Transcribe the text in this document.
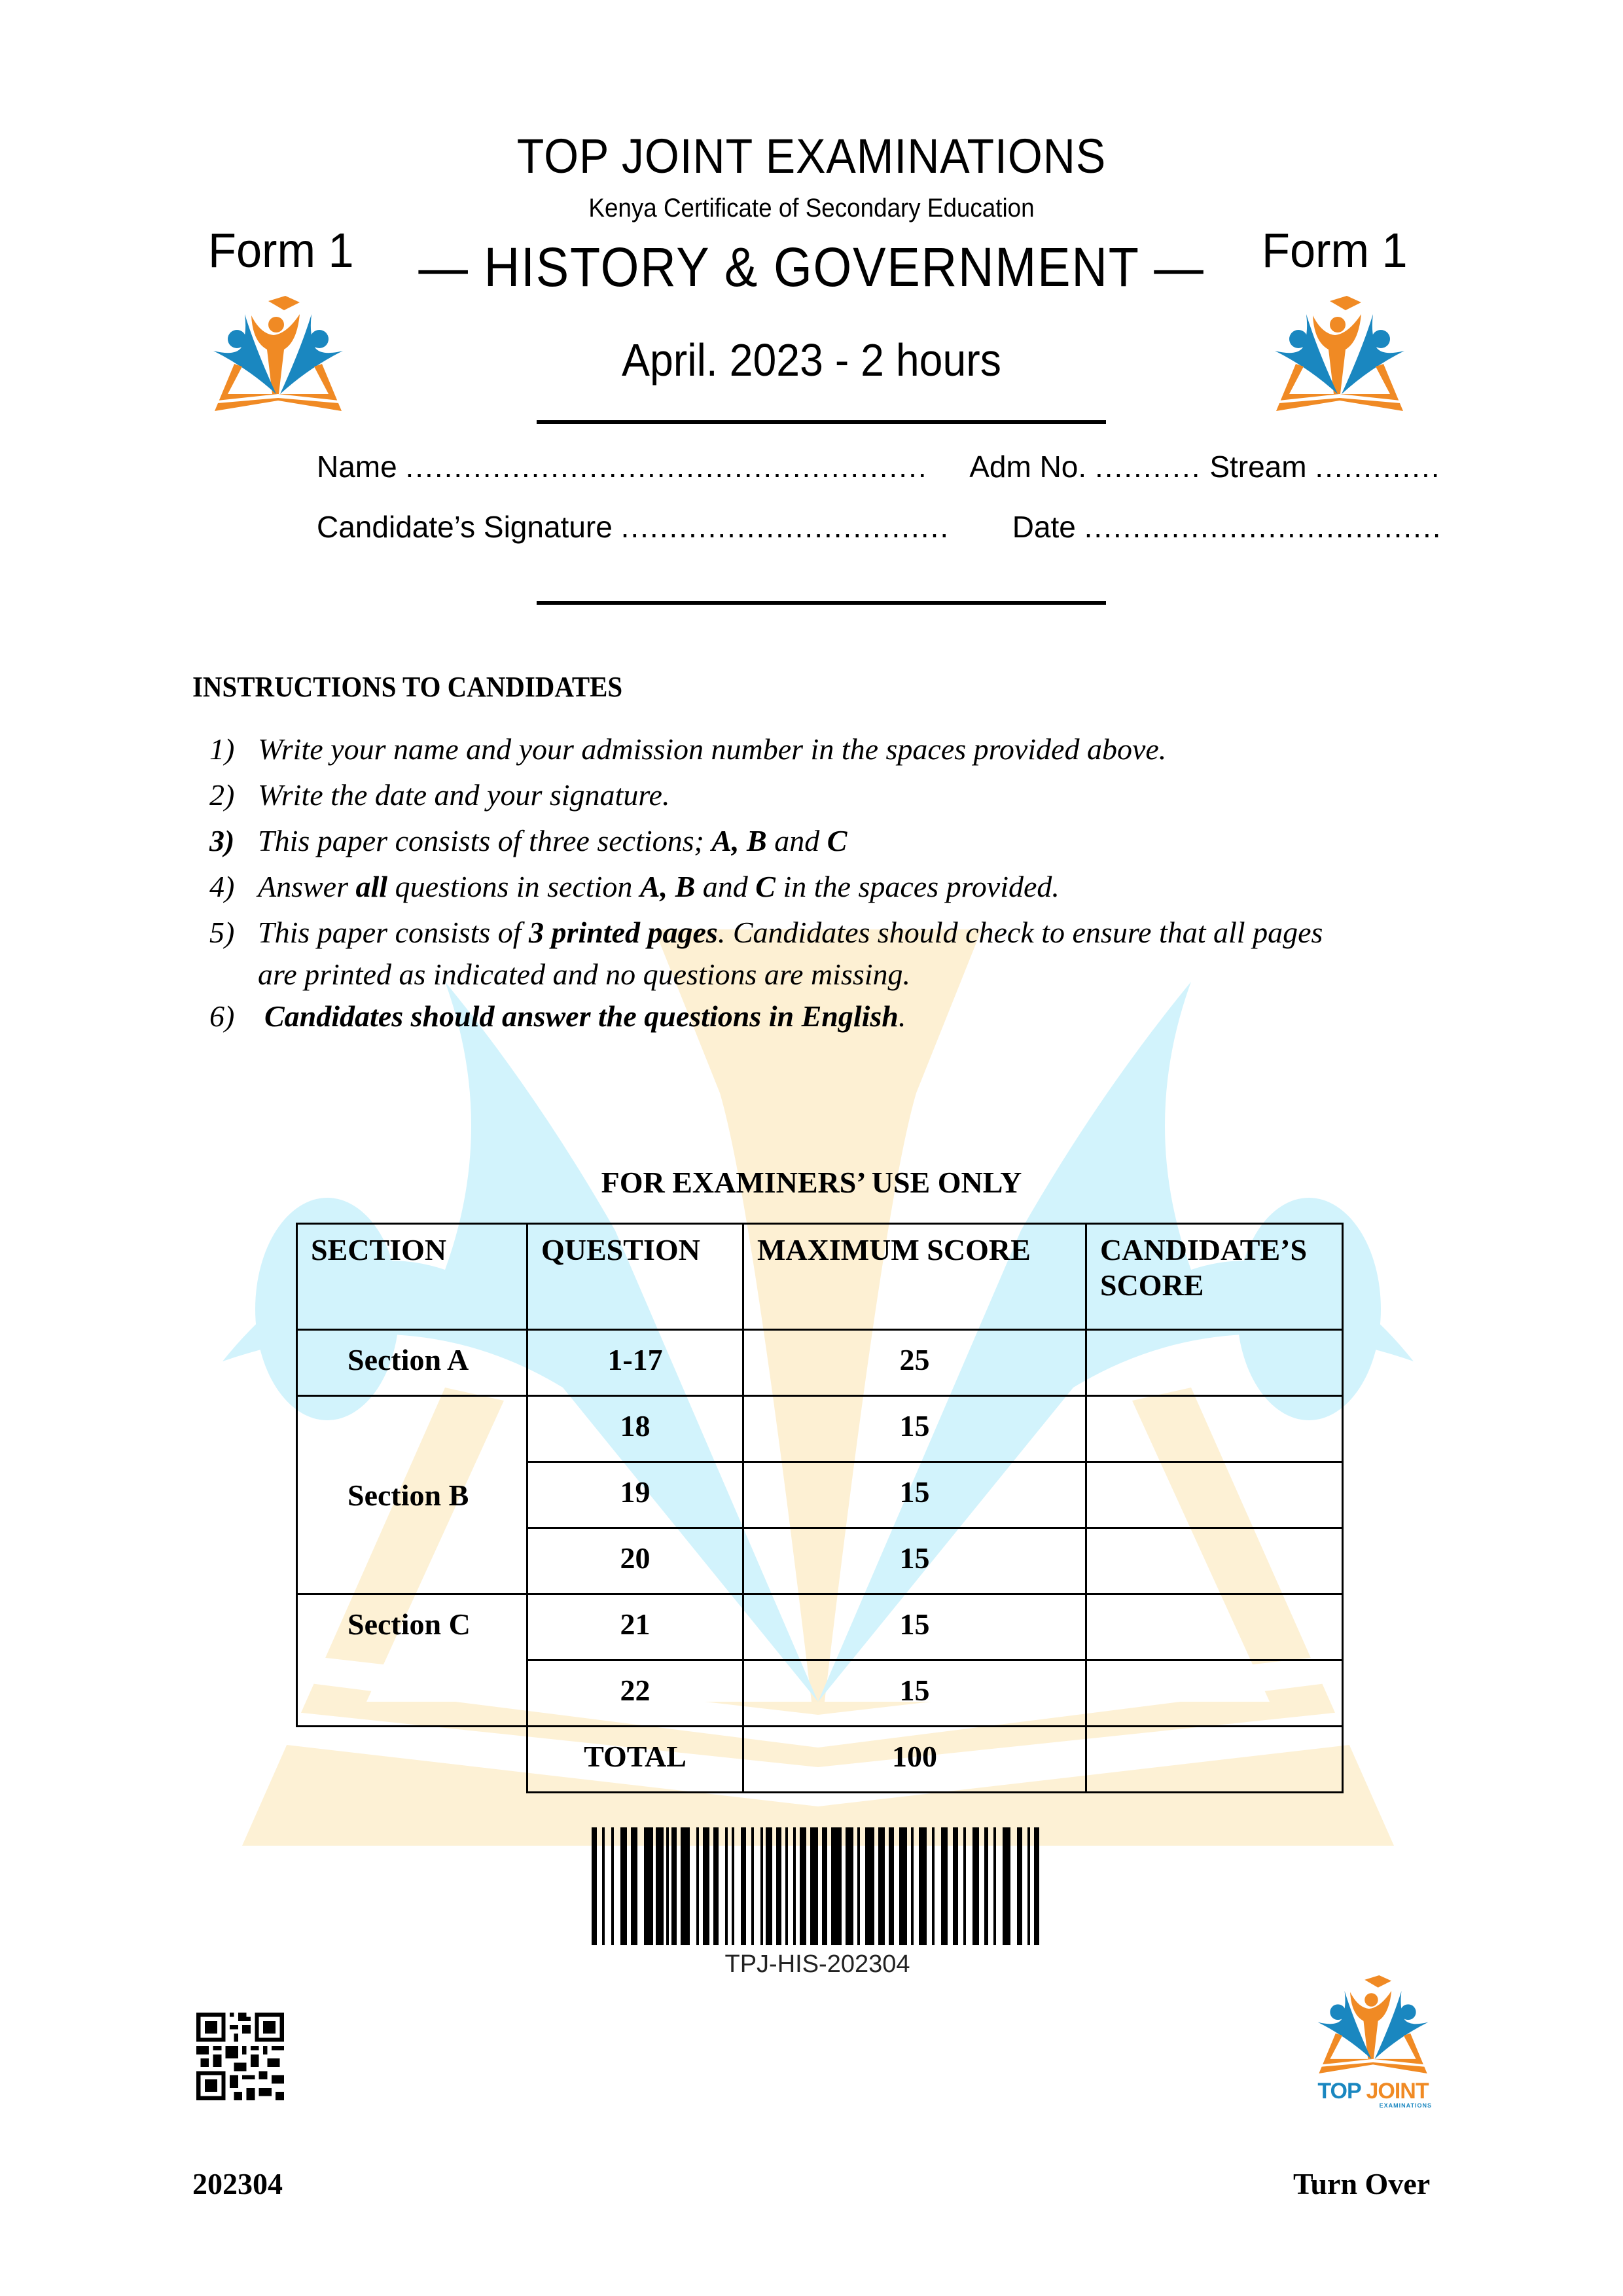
TOP JOINT EXAMINATIONS
Kenya Certificate of Secondary Education
Form 1	Form 1
— HISTORY & GOVERNMENT —
April. 2023 - 2 hours
Name ...................................................... Adm No. ........... Stream .............
Candidate’s Signature .................................. Date .....................................
INSTRUCTIONS TO CANDIDATES
1) Write your name and your admission number in the spaces provided above.
2) Write the date and your signature.
3) This paper consists of three sections; A, B and C
4) Answer all questions in section A, B and C in the spaces provided.
5) This paper consists of 3 printed pages. Candidates should check to ensure that all pages
are printed as indicated and no questions are missing.
6) Candidates should answer the questions in English.
FOR EXAMINERS’ USE ONLY
SECTION	QUESTION	MAXIMUM SCORE	CANDIDATE’S
SCORE
Section A	1-17	25	
Section B	18	15	
	19	15	
	20	15	
Section C	21	15	
	22	15	
	TOTAL	100	
TPJ-HIS-202304
TOP JOINT
EXAMINATIONS
202304	Turn Over
